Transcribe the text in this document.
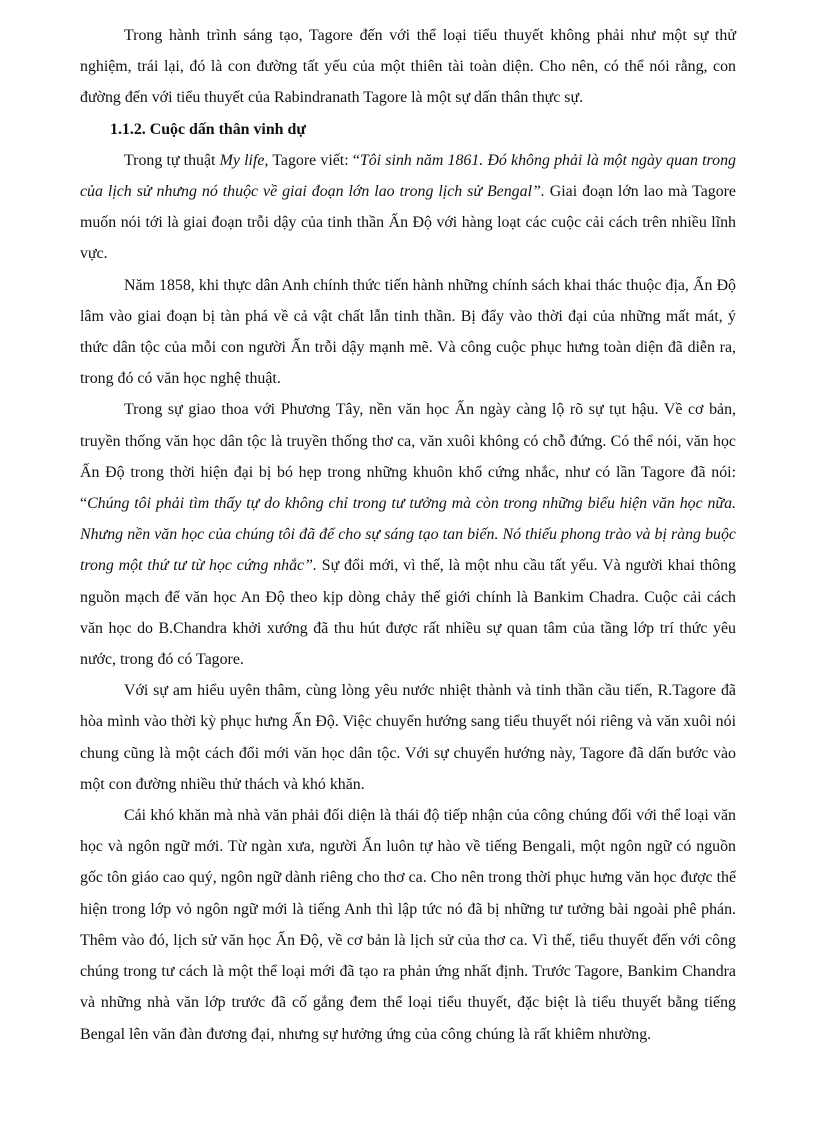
Trong hành trình sáng tạo, Tagore đến với thể loại tiểu thuyết không phải như một sự thử nghiệm, trái lại, đó là con đường tất yếu của một thiên tài toàn diện. Cho nên, có thể nói rằng, con đường đến với tiểu thuyết của Rabindranath Tagore là một sự dấn thân thực sự.

1.1.2. Cuộc dấn thân vinh dự

Trong tự thuật My life, Tagore viết: “Tôi sinh năm 1861. Đó không phải là một ngày quan trong của lịch sử nhưng nó thuộc về giai đoạn lớn lao trong lịch sử Bengal”. Giai đoạn lớn lao mà Tagore muốn nói tới là giai đoạn trỗi dậy của tinh thần Ấn Độ với hàng loạt các cuộc cải cách trên nhiều lĩnh vực.

Năm 1858, khi thực dân Anh chính thức tiến hành những chính sách khai thác thuộc địa, Ấn Độ lâm vào giai đoạn bị tàn phá về cả vật chất lẫn tinh thần. Bị đẩy vào thời đại của những mất mát, ý thức dân tộc của mỗi con người Ấn trỗi dậy mạnh mẽ. Và công cuộc phục hưng toàn diện đã diễn ra, trong đó có văn học nghệ thuật.

Trong sự giao thoa với Phương Tây, nền văn học Ấn ngày càng lộ rõ sự tụt hậu. Về cơ bản, truyền thống văn học dân tộc là truyền thống thơ ca, văn xuôi không có chỗ đứng. Có thể nói, văn học Ấn Độ trong thời hiện đại bị bó hẹp trong những khuôn khổ cứng nhắc, như có lần Tagore đã nói: “Chúng tôi phải tìm thấy tự do không chỉ trong tư tưởng mà còn trong những biểu hiện văn học nữa. Nhưng nền văn học của chúng tôi đã để cho sự sáng tạo tan biến. Nó thiếu phong trào và bị ràng buộc trong một thứ tư từ học cứng nhắc”. Sự đổi mới, vì thế, là một nhu cầu tất yếu. Và người khai thông nguồn mạch để văn học An Độ theo kịp dòng chảy thế giới chính là Bankim Chadra. Cuộc cải cách văn học do B.Chandra khởi xướng đã thu hút được rất nhiều sự quan tâm của tầng lớp trí thức yêu nước, trong đó có Tagore.

Với sự am hiểu uyên thâm, cùng lòng yêu nước nhiệt thành và tinh thần cầu tiến, R.Tagore đã hòa mình vào thời kỳ phục hưng Ấn Độ. Việc chuyển hướng sang tiểu thuyết nói riêng và văn xuôi nói chung cũng là một cách đổi mới văn học dân tộc. Với sự chuyển hướng này, Tagore đã dấn bước vào một con đường nhiều thử thách và khó khăn.

Cái khó khăn mà nhà văn phải đối diện là thái độ tiếp nhận của công chúng đối với thể loại văn học và ngôn ngữ mới. Từ ngàn xưa, người Ấn luôn tự hào về tiếng Bengali, một ngôn ngữ có nguồn gốc tôn giáo cao quý, ngôn ngữ dành riêng cho thơ ca. Cho nên trong thời phục hưng văn học được thể hiện trong lớp vỏ ngôn ngữ mới là tiếng Anh thì lập tức nó đã bị những tư tưởng bài ngoài phê phán. Thêm vào đó, lịch sử văn học Ấn Độ, về cơ bản là lịch sử của thơ ca. Vì thế, tiểu thuyết đến với công chúng trong tư cách là một thể loại mới đã tạo ra phản ứng nhất định. Trước Tagore, Bankim Chandra và những nhà văn lớp trước đã cố gắng đem thể loại tiểu thuyết, đặc biệt là tiểu thuyết bằng tiếng Bengal lên văn đàn đương đại, nhưng sự hưởng ứng của công chúng là rất khiêm nhường.
